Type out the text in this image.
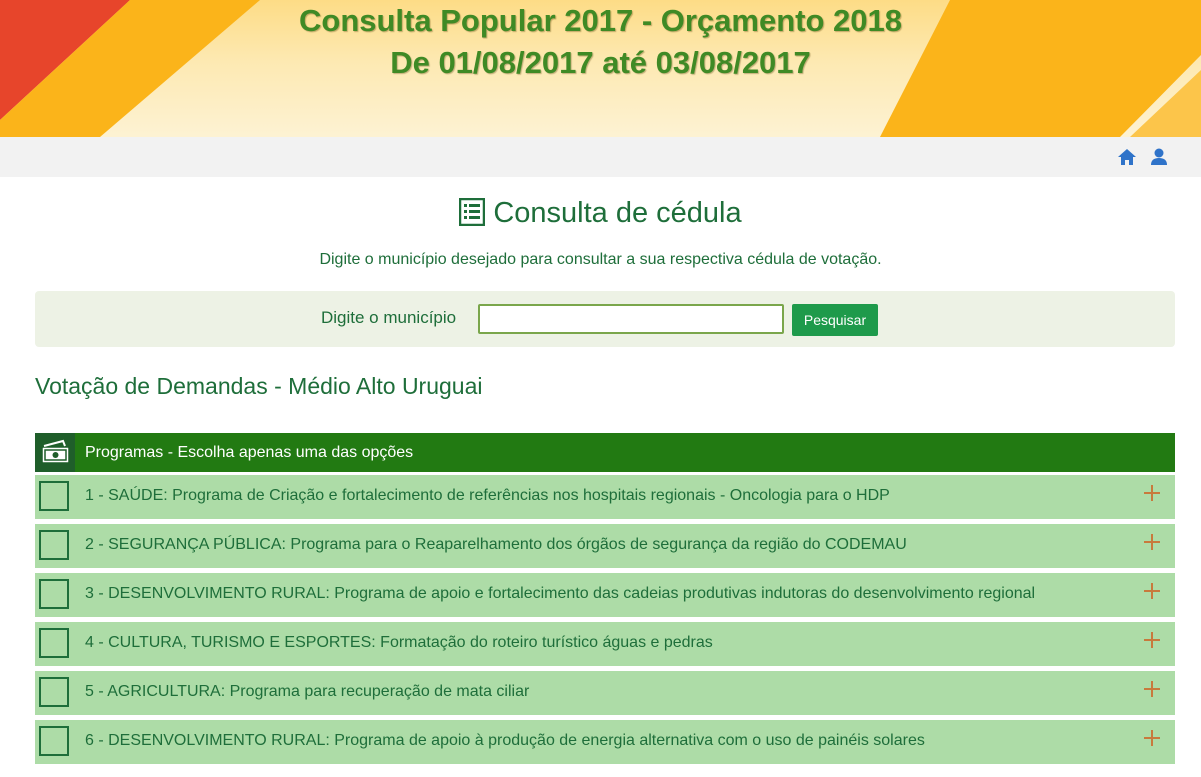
Consulta Popular 2017 - Orçamento 2018
De 01/08/2017 até 03/08/2017
Consulta de cédula
Digite o município desejado para consultar a sua respectiva cédula de votação.
Digite o município	Pesquisar
Votação de Demandas - Médio Alto Uruguai
Programas - Escolha apenas uma das opções
1 - SAÚDE: Programa de Criação e fortalecimento de referências nos hospitais regionais - Oncologia para o HDP
2 - SEGURANÇA PÚBLICA: Programa para o Reaparelhamento dos órgãos de segurança da região do CODEMAU
3 - DESENVOLVIMENTO RURAL: Programa de apoio e fortalecimento das cadeias produtivas indutoras do desenvolvimento regional
4 - CULTURA, TURISMO E ESPORTES: Formatação do roteiro turístico águas e pedras
5 - AGRICULTURA: Programa para recuperação de mata ciliar
6 - DESENVOLVIMENTO RURAL: Programa de apoio à produção de energia alternativa com o uso de painéis solares
